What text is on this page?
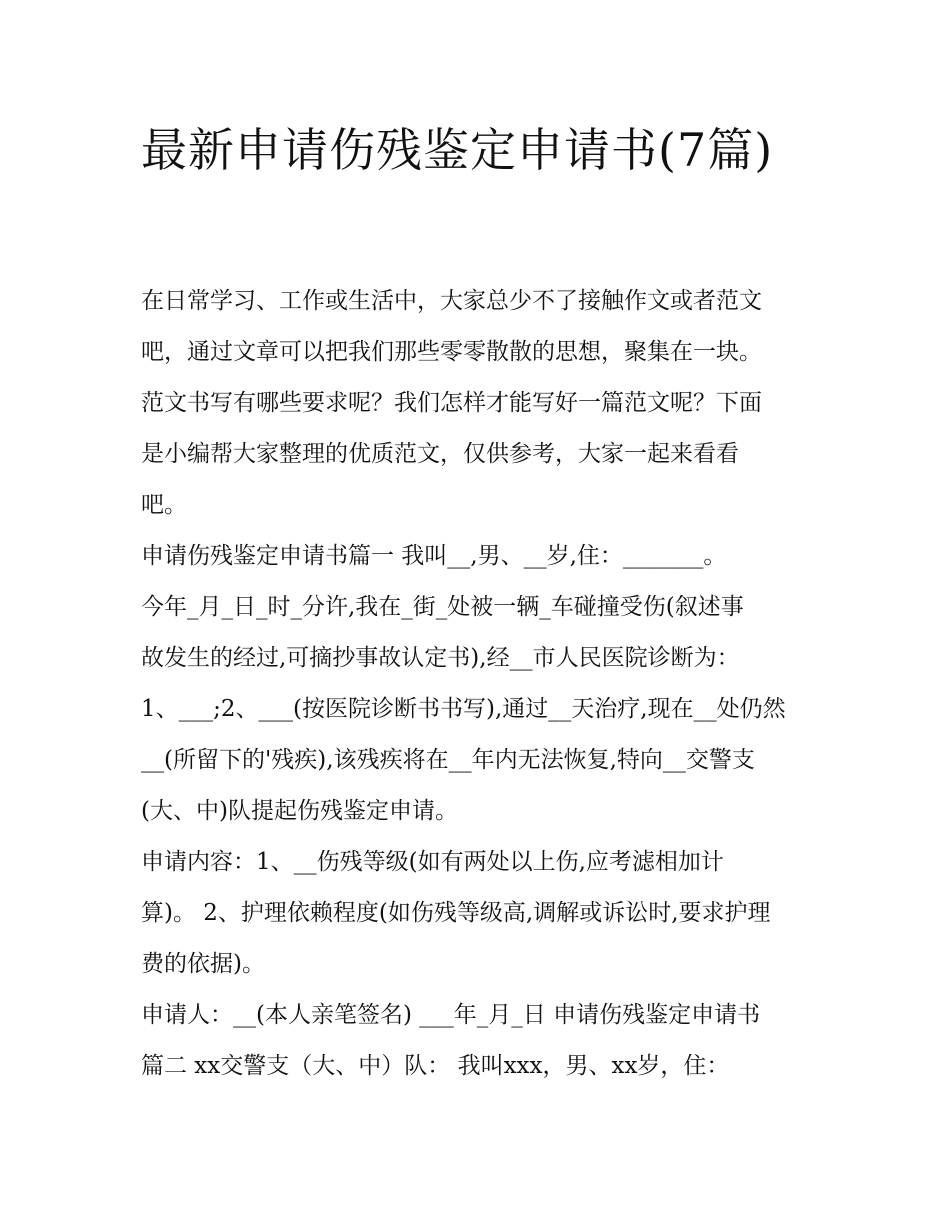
最新申请伤残鉴定申请书(7篇)
在日常学习、工作或生活中，大家总少不了接触作文或者范文
吧，通过文章可以把我们那些零零散散的思想，聚集在一块。
范文书写有哪些要求呢？我们怎样才能写好一篇范文呢？下面
是小编帮大家整理的优质范文，仅供参考，大家一起来看看
吧。
申请伤残鉴定申请书篇一 我叫__,男、__岁,住：_______。
今年_月_日_时_分许,我在_街_处被一辆_车碰撞受伤(叙述事
故发生的经过,可摘抄事故认定书),经__市人民医院诊断为：
1、___;2、___(按医院诊断书书写),通过__天治疗,现在__处仍然
__(所留下的'残疾),该残疾将在__年内无法恢复,特向__交警支
(大、中)队提起伤残鉴定申请。
申请内容：1、__伤残等级(如有两处以上伤,应考滤相加计
算)。 2、护理依赖程度(如伤残等级高,调解或诉讼时,要求护理
费的依据)。
申请人：__(本人亲笔签名) ___年_月_日 申请伤残鉴定申请书
篇二 xx交警支（大、中）队： 我叫xxx，男、xx岁，住：
